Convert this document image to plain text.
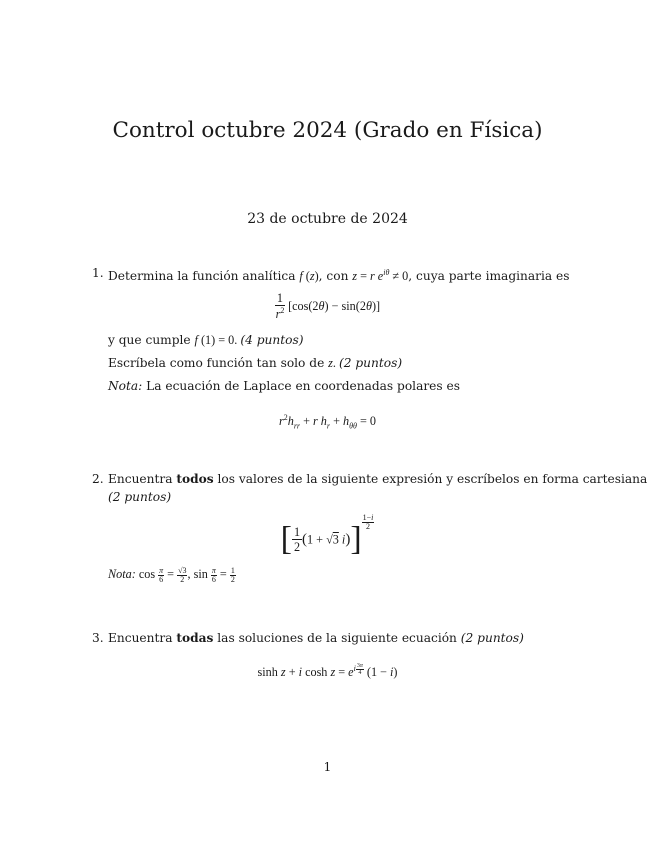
Control octubre 2024 (Grado en Física)
23 de octubre de 2024
1. Determina la función analítica f (z), con z = r $e^{i\theta} \ne 0$, cuya parte imaginaria es
$\frac{1}{r^2} [\cos(2\theta) - \sin(2\theta)]$
y que cumple f (1) = 0. (4 puntos)
Escríbela como función tan solo de z. (2 puntos)
Nota: La ecuación de Laplace en coordenadas polares es
$r^2h_{rr} + r$ $h_r + h_{\theta\theta} = 0$
2. Encuentra todos los valores de la siguiente expresión y escríbelos en forma cartesiana
(2 puntos)
[ $\frac{1}{2} (1 + √3$ i)] $^{\frac{1-i}{2}}$
Nota: $\cos \frac{\pi}{6} = \frac{√3}{2}$ , $\sin \frac{\pi}{6} = \frac{1}{2}$
3. Encuentra todas las soluciones de la siguiente ecuación (2 puntos)
sinh z + i $\cosh z = e^{i \frac{3\pi}{4}}$ (1 − i)
1
